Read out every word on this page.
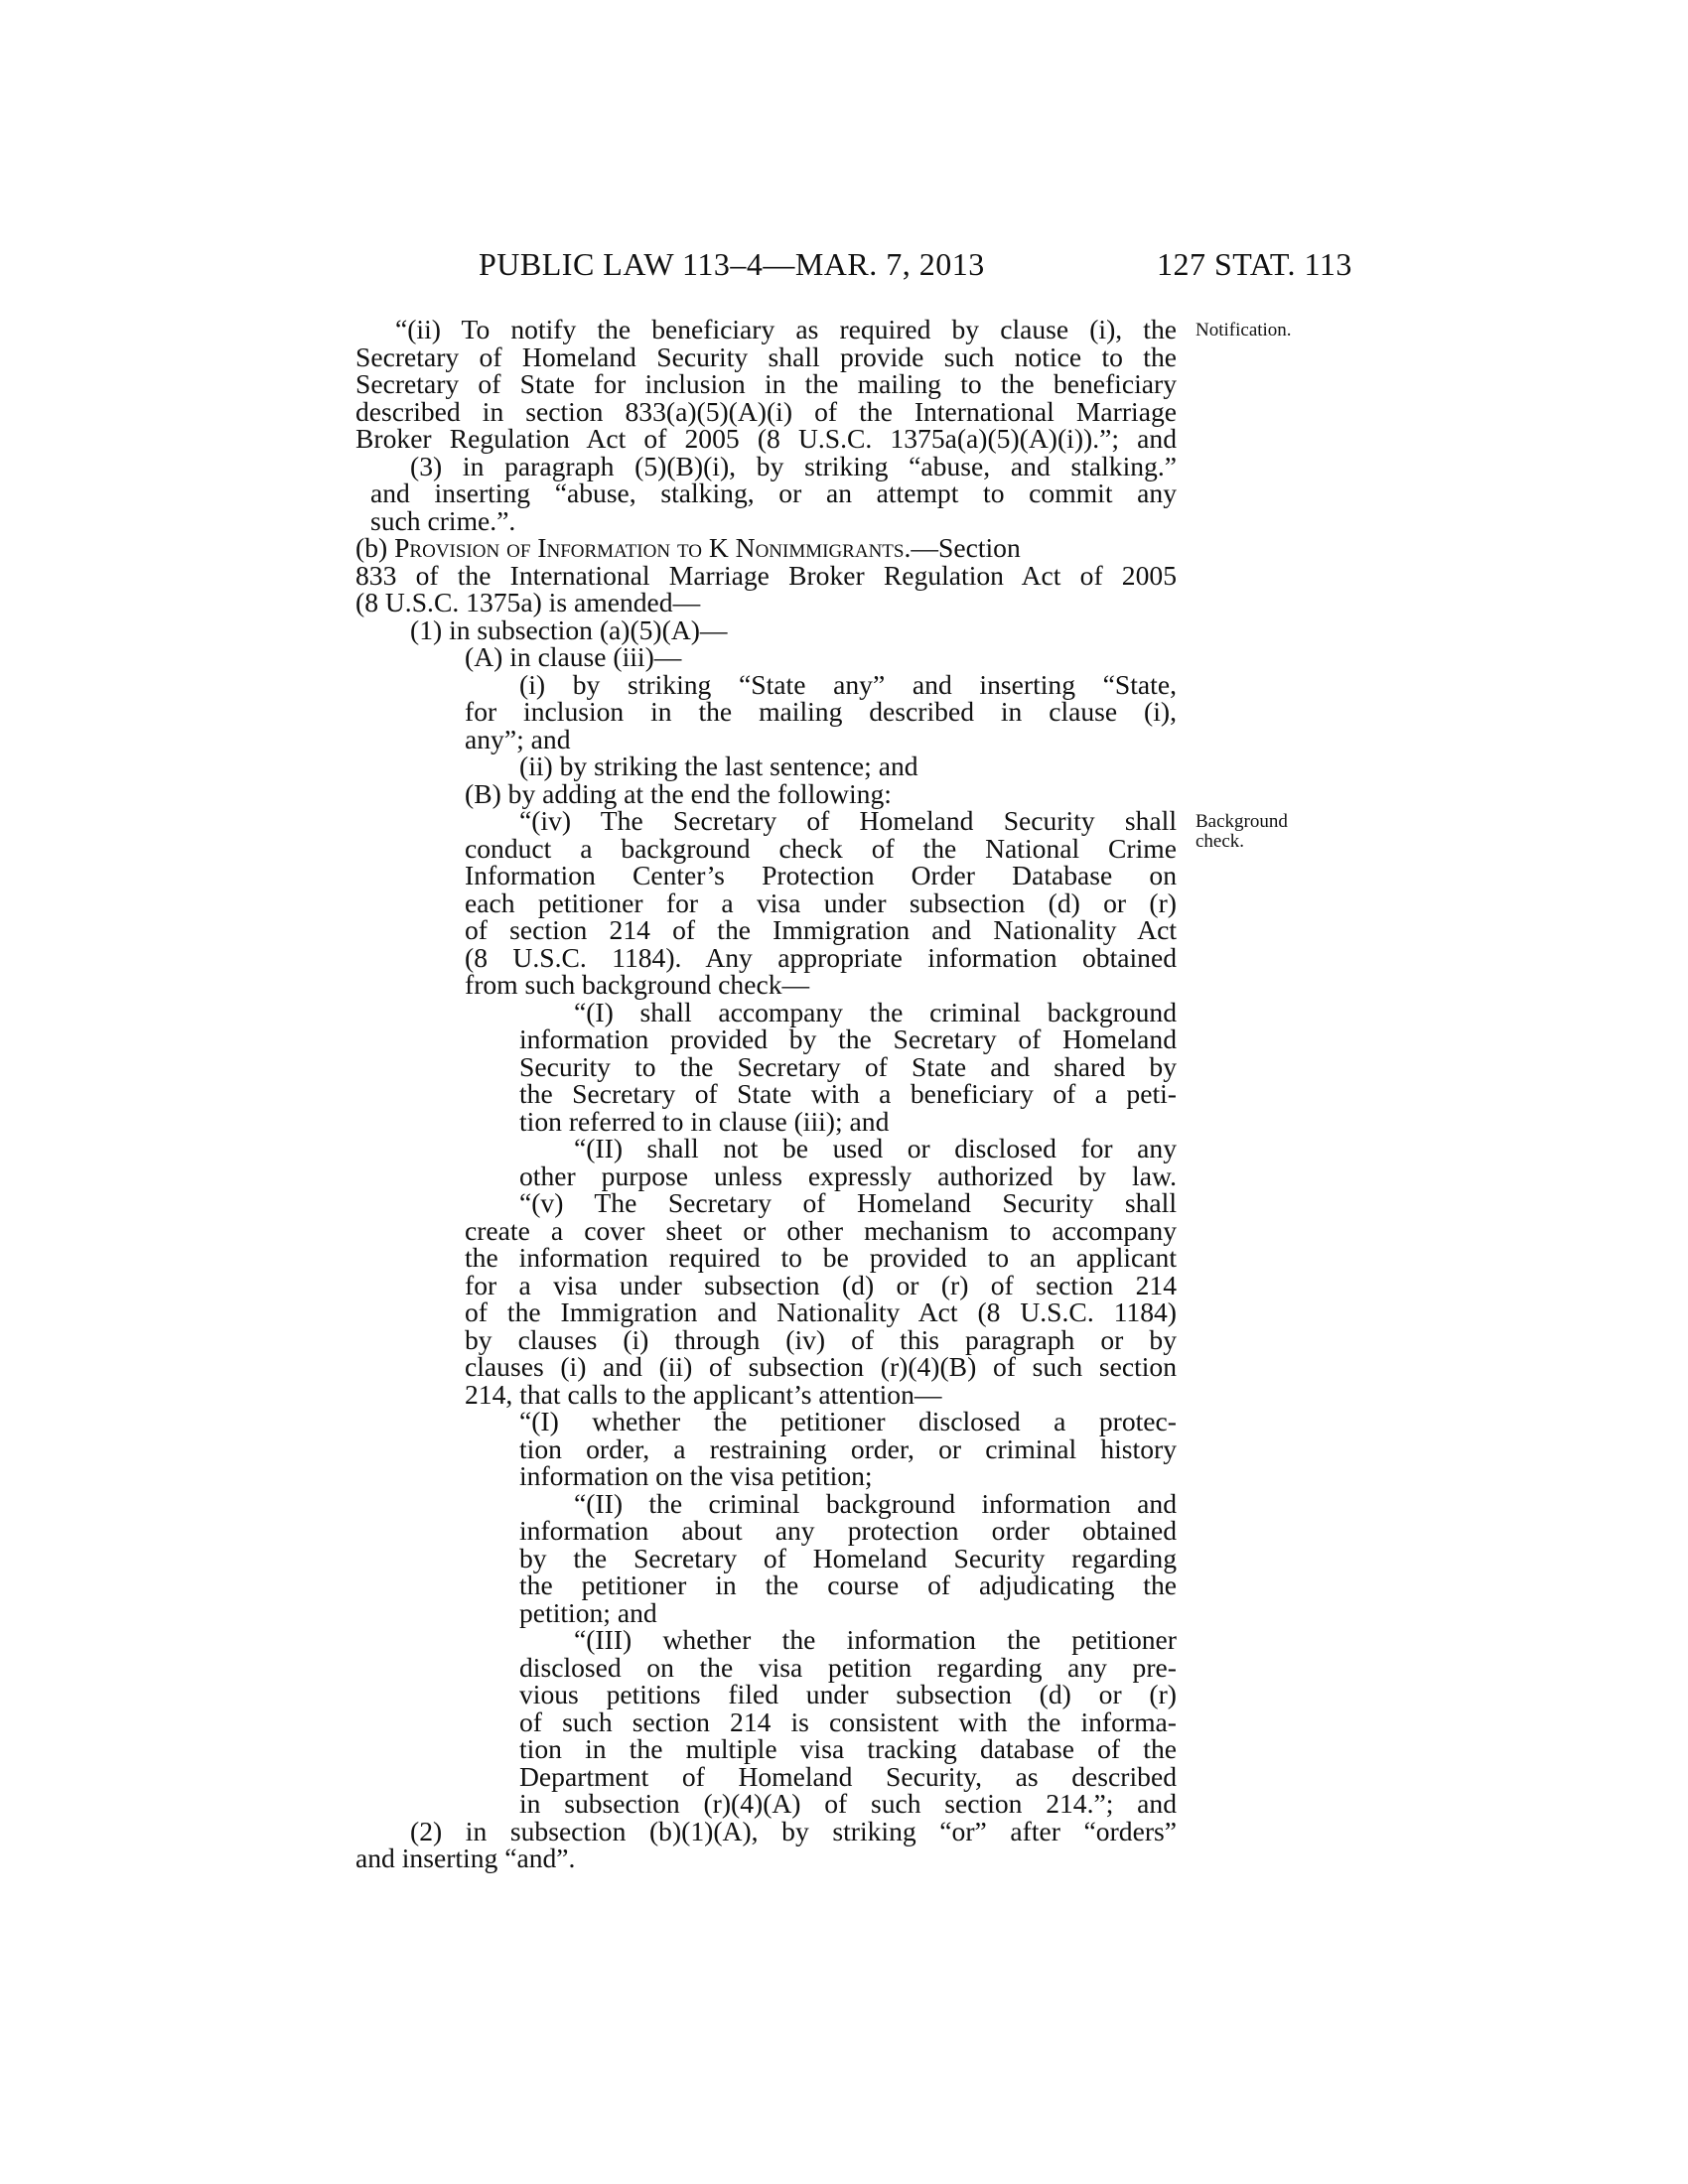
PUBLIC LAW 113–4—MAR. 7, 2013	127 STAT. 113
Notification.
Background
check.
“(ii) To notify the beneficiary as required by clause (i), the
Secretary of Homeland Security shall provide such notice to the
Secretary of State for inclusion in the mailing to the beneficiary
described in section 833(a)(5)(A)(i) of the International Marriage
Broker Regulation Act of 2005 (8 U.S.C. 1375a(a)(5)(A)(i)).”; and
(3) in paragraph (5)(B)(i), by striking “abuse, and stalking.”
and inserting “abuse, stalking, or an attempt to commit any
such crime.”.
(b) Provision of Information to K Nonimmigrants.—Section
833 of the International Marriage Broker Regulation Act of 2005
(8 U.S.C. 1375a) is amended—
(1) in subsection (a)(5)(A)—
(A) in clause (iii)—
(i) by striking “State any” and inserting “State,
for inclusion in the mailing described in clause (i),
any”; and
(ii) by striking the last sentence; and
(B) by adding at the end the following:
“(iv) The Secretary of Homeland Security shall
conduct a background check of the National Crime
Information Center’s Protection Order Database on
each petitioner for a visa under subsection (d) or (r)
of section 214 of the Immigration and Nationality Act
(8 U.S.C. 1184). Any appropriate information obtained
from such background check—
“(I) shall accompany the criminal background
information provided by the Secretary of Homeland
Security to the Secretary of State and shared by
the Secretary of State with a beneficiary of a peti-
tion referred to in clause (iii); and
“(II) shall not be used or disclosed for any
other purpose unless expressly authorized by law.
“(v) The Secretary of Homeland Security shall
create a cover sheet or other mechanism to accompany
the information required to be provided to an applicant
for a visa under subsection (d) or (r) of section 214
of the Immigration and Nationality Act (8 U.S.C. 1184)
by clauses (i) through (iv) of this paragraph or by
clauses (i) and (ii) of subsection (r)(4)(B) of such section
214, that calls to the applicant’s attention—
“(I) whether the petitioner disclosed a protec-
tion order, a restraining order, or criminal history
information on the visa petition;
“(II) the criminal background information and
information about any protection order obtained
by the Secretary of Homeland Security regarding
the petitioner in the course of adjudicating the
petition; and
“(III) whether the information the petitioner
disclosed on the visa petition regarding any pre-
vious petitions filed under subsection (d) or (r)
of such section 214 is consistent with the informa-
tion in the multiple visa tracking database of the
Department of Homeland Security, as described
in subsection (r)(4)(A) of such section 214.”; and
(2) in subsection (b)(1)(A), by striking “or” after “orders”
and inserting “and”.
